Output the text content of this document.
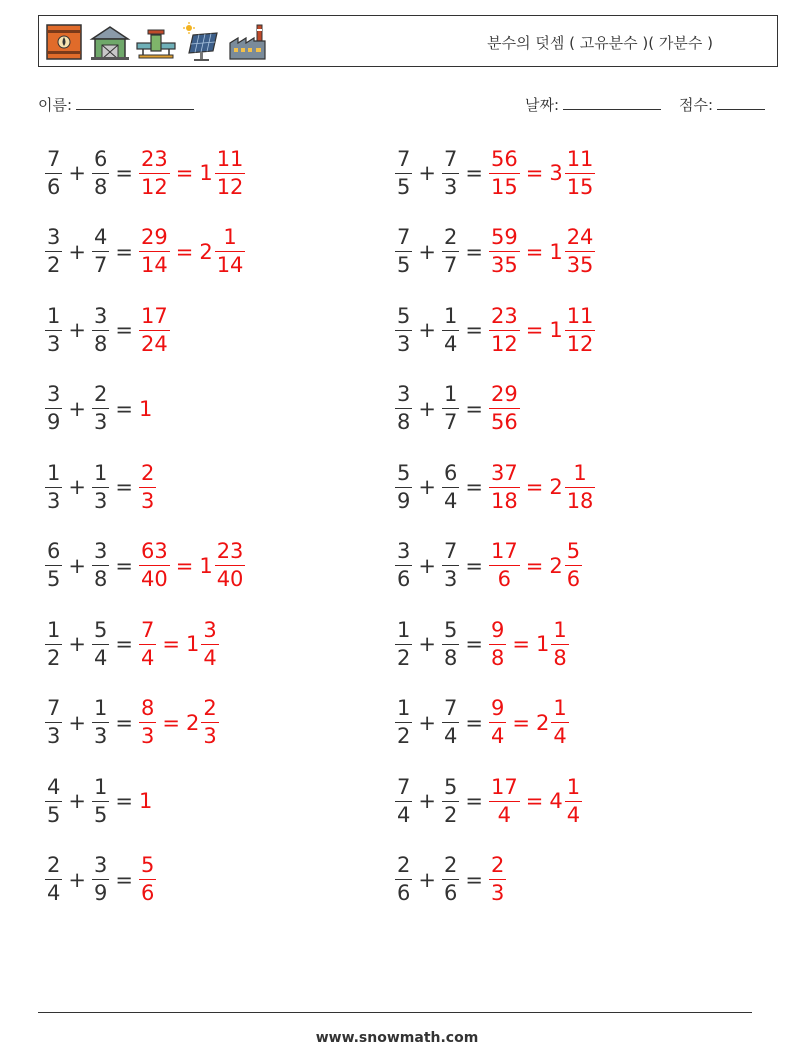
분수의 덧셈 ( 고유분수 )( 가분수 )
이름:	날짜:	점수:
$\frac{7}{6} + \frac{6}{8} = \frac{23}{12} = 1 \frac{11}{12}$
$\frac{3}{2} + \frac{4}{7} = \frac{29}{14} = 2 \frac{1}{14}$
$\frac{1}{3} + \frac{3}{8} = \frac{17}{24}$
$\frac{3}{9} + \frac{2}{3} = 1$
$\frac{1}{3} + \frac{1}{3} = \frac{2}{3}$
$\frac{6}{5} + \frac{3}{8} = \frac{63}{40} = 1 \frac{23}{40}$
$\frac{1}{2} + \frac{5}{4} = \frac{7}{4} = 1 \frac{3}{4}$
$\frac{7}{3} + \frac{1}{3} = \frac{8}{3} = 2 \frac{2}{3}$
$\frac{4}{5} + \frac{1}{5} = 1$
$\frac{2}{4} + \frac{3}{9} = \frac{5}{6}$
$\frac{7}{5} + \frac{7}{3} = \frac{56}{15} = 3 \frac{11}{15}$
$\frac{7}{5} + \frac{2}{7} = \frac{59}{35} = 1 \frac{24}{35}$
$\frac{5}{3} + \frac{1}{4} = \frac{23}{12} = 1 \frac{11}{12}$
$\frac{3}{8} + \frac{1}{7} = \frac{29}{56}$
$\frac{5}{9} + \frac{6}{4} = \frac{37}{18} = 2 \frac{1}{18}$
$\frac{3}{6} + \frac{7}{3} = \frac{17}{6} = 2 \frac{5}{6}$
$\frac{1}{2} + \frac{5}{8} = \frac{9}{8} = 1 \frac{1}{8}$
$\frac{1}{2} + \frac{7}{4} = \frac{9}{4} = 2 \frac{1}{4}$
$\frac{7}{4} + \frac{5}{2} = \frac{17}{4} = 4 \frac{1}{4}$
$\frac{2}{6} + \frac{2}{6} = \frac{2}{3}$
www.snowmath.com
